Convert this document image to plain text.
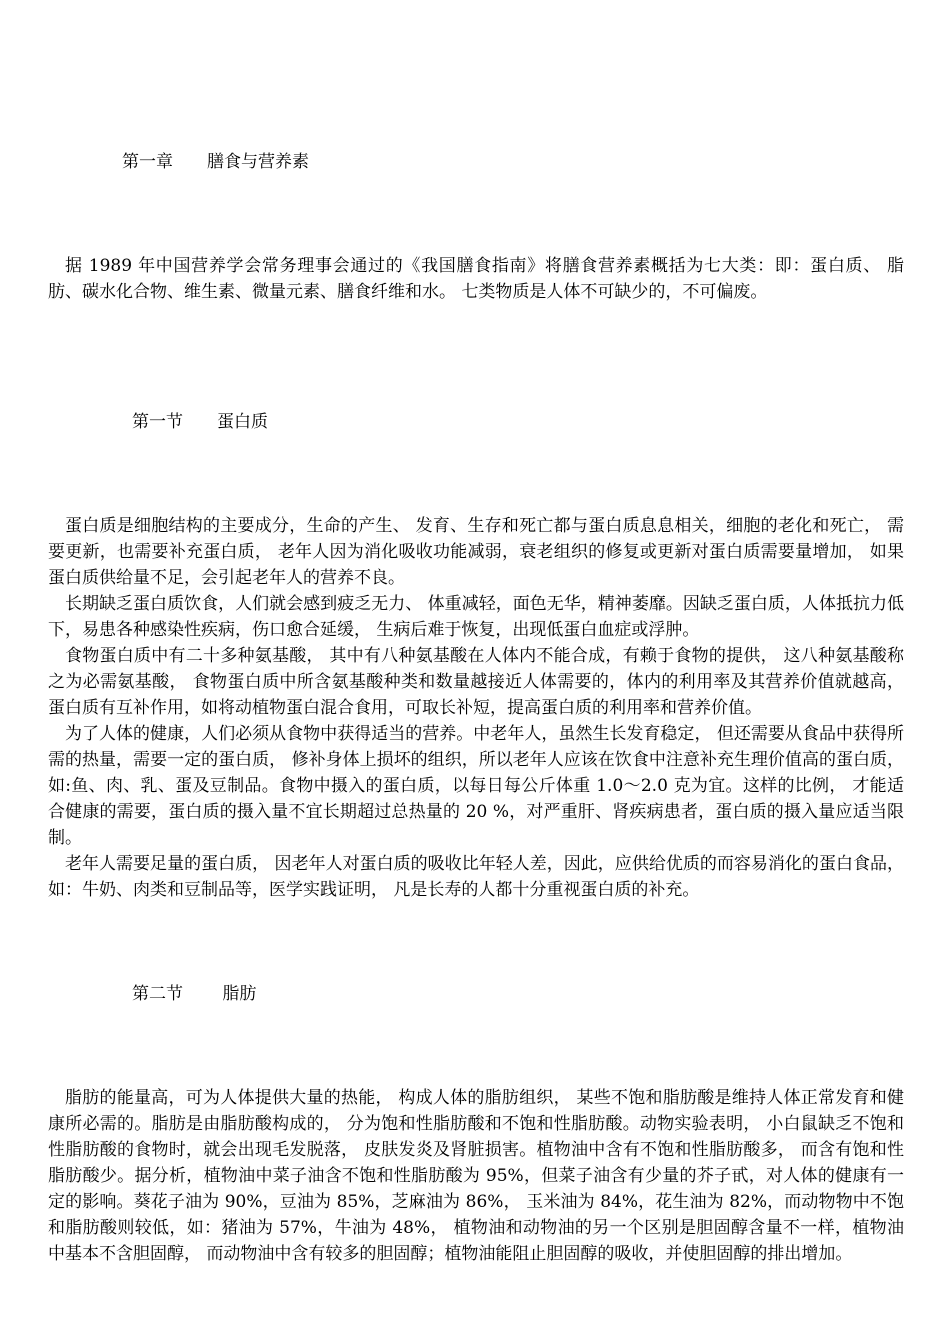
第一章　　膳食与营养素

据 1989 年中国营养学会常务理事会通过的《我国膳食指南》将膳食营养素概括为七大类：即：蛋白质、 脂肪、碳水化合物、维生素、微量元素、膳食纤维和水。 七类物质是人体不可缺少的，不可偏废。

第一节　　蛋白质

蛋白质是细胞结构的主要成分，生命的产生、 发育、生存和死亡都与蛋白质息息相关，细胞的老化和死亡， 需要更新，也需要补充蛋白质， 老年人因为消化吸收功能减弱，衰老组织的修复或更新对蛋白质需要量增加， 如果蛋白质供给量不足，会引起老年人的营养不良。

长期缺乏蛋白质饮食，人们就会感到疲乏无力、 体重减轻，面色无华，精神萎靡。因缺乏蛋白质，人体抵抗力低下，易患各种感染性疾病，伤口愈合延缓， 生病后难于恢复，出现低蛋白血症或浮肿。

食物蛋白质中有二十多种氨基酸， 其中有八种氨基酸在人体内不能合成，有赖于食物的提供， 这八种氨基酸称之为必需氨基酸， 食物蛋白质中所含氨基酸种类和数量越接近人体需要的，体内的利用率及其营养价值就越高， 蛋白质有互补作用，如将动植物蛋白混合食用，可取长补短，提高蛋白质的利用率和营养价值。

为了人体的健康，人们必须从食物中获得适当的营养。中老年人，虽然生长发育稳定， 但还需要从食品中获得所需的热量，需要一定的蛋白质， 修补身体上损坏的组织，所以老年人应该在饮食中注意补充生理价值高的蛋白质，如:鱼、肉、乳、蛋及豆制品。食物中摄入的蛋白质，以每日每公斤体重 1.0～2.0 克为宜。这样的比例， 才能适合健康的需要，蛋白质的摄入量不宜长期超过总热量的 20 %，对严重肝、肾疾病患者，蛋白质的摄入量应适当限制。

老年人需要足量的蛋白质， 因老年人对蛋白质的吸收比年轻人差，因此，应供给优质的而容易消化的蛋白食品，如：牛奶、肉类和豆制品等，医学实践证明， 凡是长寿的人都十分重视蛋白质的补充。

第二节　　 脂肪

脂肪的能量高，可为人体提供大量的热能， 构成人体的脂肪组织， 某些不饱和脂肪酸是维持人体正常发育和健康所必需的。脂肪是由脂肪酸构成的， 分为饱和性脂肪酸和不饱和性脂肪酸。动物实验表明， 小白鼠缺乏不饱和性脂肪酸的食物时，就会出现毛发脱落， 皮肤发炎及肾脏损害。植物油中含有不饱和性脂肪酸多， 而含有饱和性脂肪酸少。据分析，植物油中菜子油含不饱和性脂肪酸为 95%，但菜子油含有少量的芥子甙，对人体的健康有一定的影响。葵花子油为 90%，豆油为 85%，芝麻油为 86%， 玉米油为 84%，花生油为 82%，而动物物中不饱和脂肪酸则较低，如：猪油为 57%，牛油为 48%， 植物油和动物油的另一个区别是胆固醇含量不一样，植物油中基本不含胆固醇， 而动物油中含有较多的胆固醇；植物油能阻止胆固醇的吸收，并使胆固醇的排出增加。
